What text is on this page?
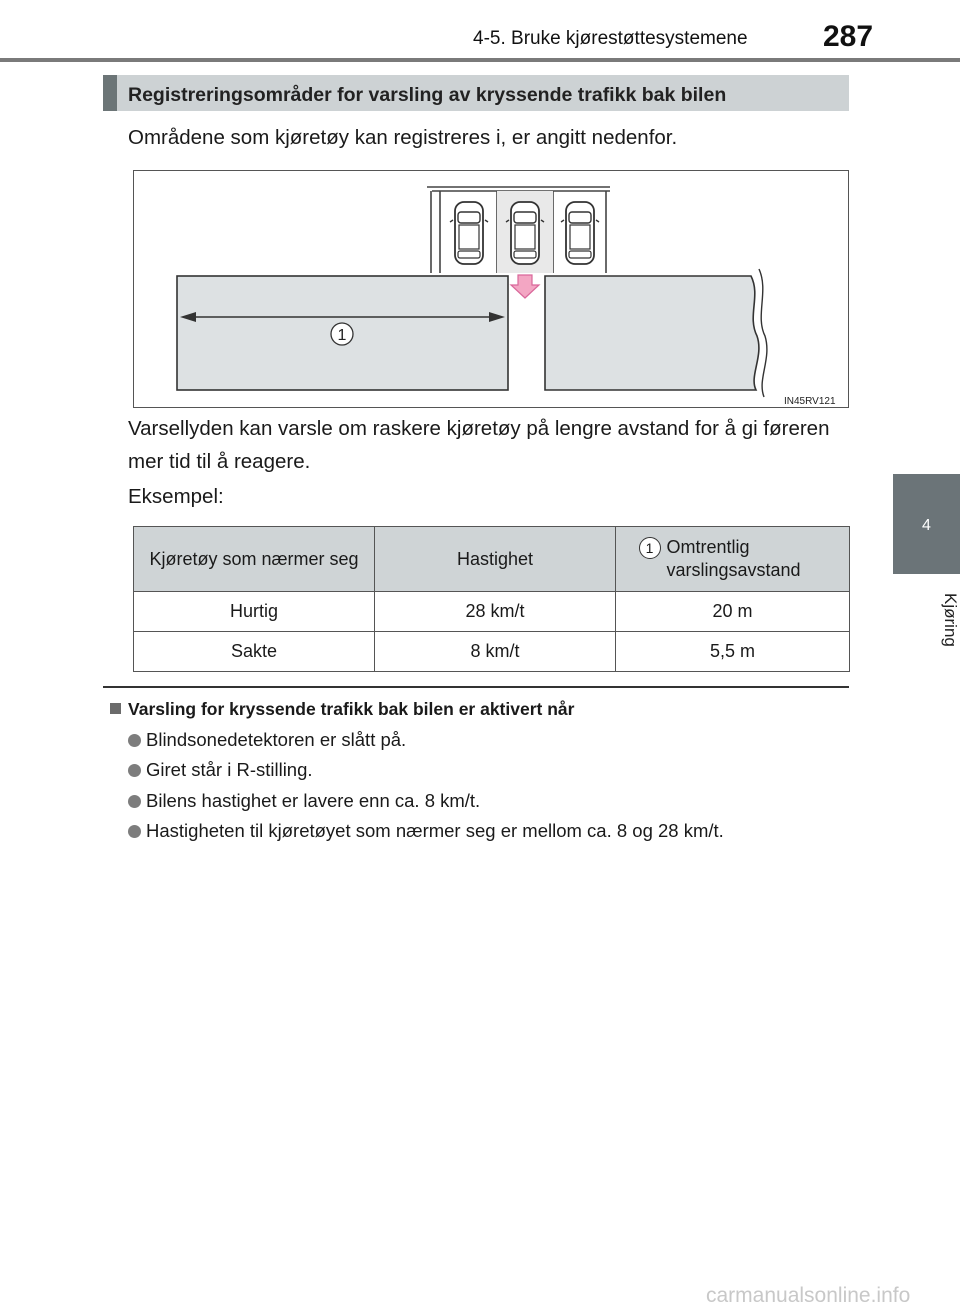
4-5. Bruke kjørestøttesystemene	287
4
Kjøring
Registreringsområder for varsling av kryssende trafikk bak bilen
Områdene som kjøretøy kan registreres i, er angitt nedenfor.
1
IN45RV121
Varsellyden kan varsle om raskere kjøretøy på lengre avstand for å gi føreren mer tid til å reagere.
Eksempel:
Kjøretøy som nærmer seg	Hastighet	1 Omtrentlig varslingsavstand

Hurtig	28 km/t	20 m
Sakte	8 km/t	5,5 m
Varsling for kryssende trafikk bak bilen er aktivert når
Blindsonedetektoren er slått på.
Giret står i R-stilling.
Bilens hastighet er lavere enn ca. 8 km/t.
Hastigheten til kjøretøyet som nærmer seg er mellom ca. 8 og 28 km/t.
carmanualsonline.info
